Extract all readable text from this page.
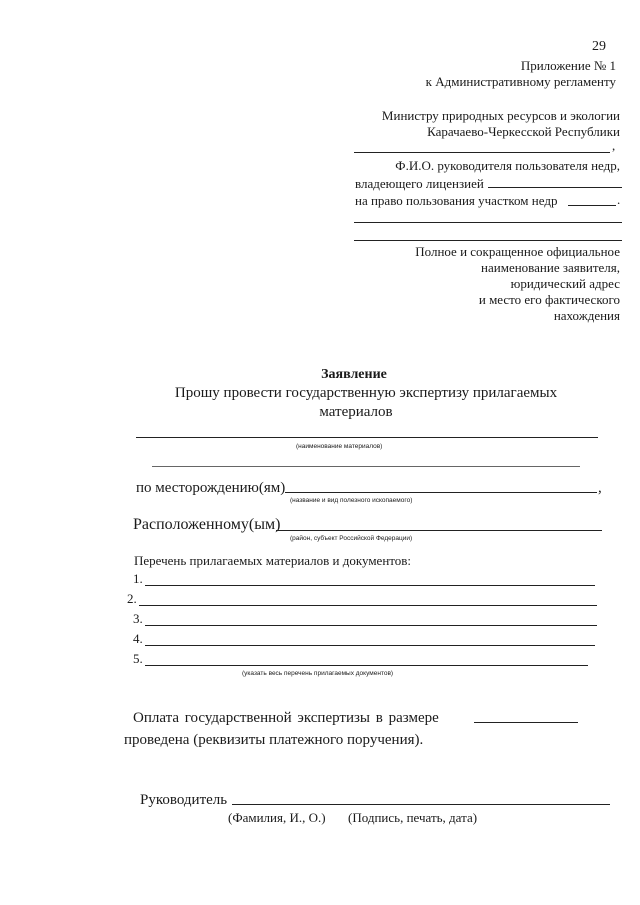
29
Приложение № 1
к Административному регламенту
Министру природных ресурсов и экологии
Карачаево-Черкесской Республики
,
Ф.И.О. руководителя пользователя недр,
владеющего лицензией
на право пользования участком недр	.
Полное и сокращенное официальное
наименование заявителя,
юридический адрес
и место его фактического
нахождения
Заявление
Прошу провести государственную экспертизу прилагаемых
материалов
(наименование материалов)
по месторождению(ям)	,
(название и вид полезного ископаемого)
Расположенному(ым)
(район, субъект Российской Федерации)
Перечень прилагаемых материалов и документов:
1.
2.
3.
4.
5.
(указать весь перечень прилагаемых документов)
Оплата государственной экспертизы в размере
проведена (реквизиты платежного поручения).
Руководитель
(Фамилия, И., О.) (Подпись, печать, дата)
